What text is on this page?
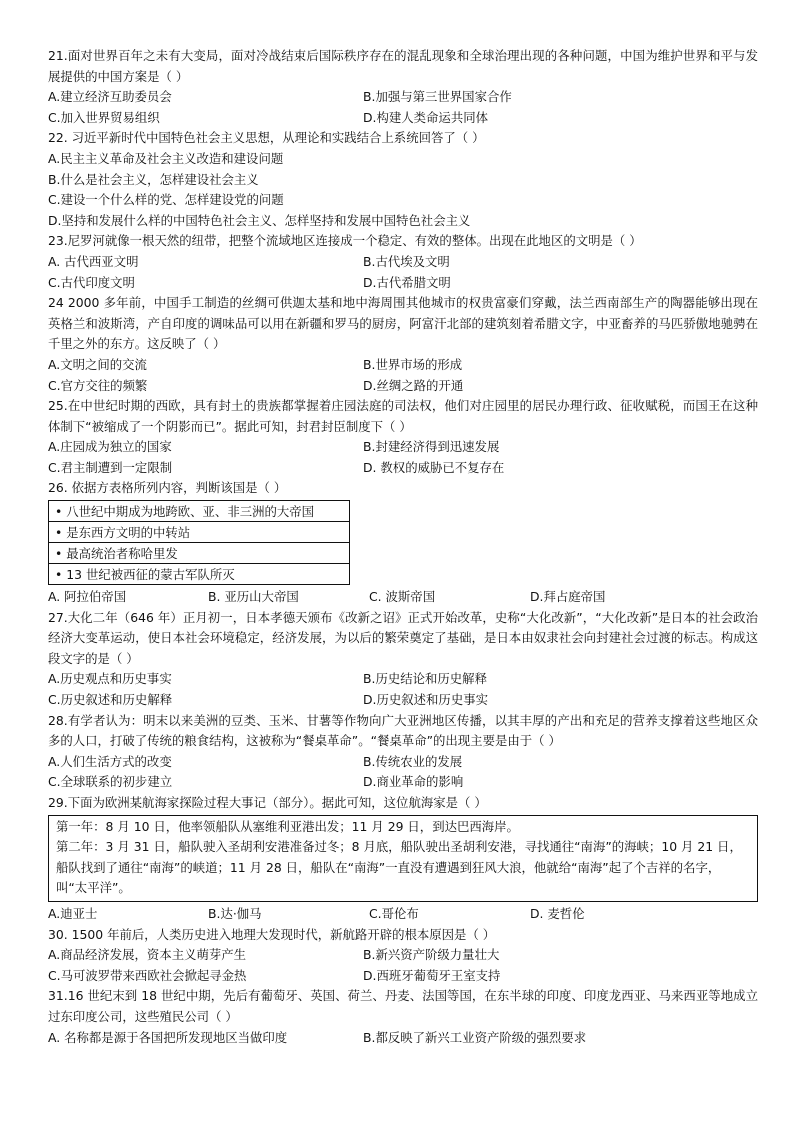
21.面对世界百年之未有大变局，面对冷战结束后国际秩序存在的混乱现象和全球治理出现的各种问题，中国为维护世界和平与发展提供的中国方案是（ ）

A.建立经济互助委员会	B.加强与第三世界国家合作
C.加入世界贸易组织	D.构建人类命运共同体

22. 习近平新时代中国特色社会主义思想，从理论和实践结合上系统回答了（ ）

A.民主主义革命及社会主义改造和建设问题
B.什么是社会主义，怎样建设社会主义
C.建设一个什么样的党、怎样建设党的问题
D.坚持和发展什么样的中国特色社会主义、怎样坚持和发展中国特色社会主义

23.尼罗河就像一根天然的纽带，把整个流域地区连接成一个稳定、有效的整体。出现在此地区的文明是（ ）

A. 古代西亚文明	B.古代埃及文明
C.古代印度文明	D.古代希腊文明

24 2000 多年前，中国手工制造的丝绸可供迦太基和地中海周围其他城市的权贵富豪们穿戴，法兰西南部生产的陶器能够出现在英格兰和波斯湾，产自印度的调味品可以用在新疆和罗马的厨房，阿富汗北部的建筑刻着希腊文字，中亚畜养的马匹骄傲地驰骋在千里之外的东方。这反映了（ ）

A.文明之间的交流	B.世界市场的形成
C.官方交往的频繁	D.丝绸之路的开通

25.在中世纪时期的西欧，具有封土的贵族都掌握着庄园法庭的司法权，他们对庄园里的居民办理行政、征收赋税，而国王在这种体制下“被缩成了一个阴影而已”。据此可知，封君封臣制度下（ ）

A.庄园成为独立的国家	B.封建经济得到迅速发展
C.君主制遭到一定限制	D. 教权的威胁已不复存在

26. 依据方表格所列内容，判断该国是（ ）

• 八世纪中期成为地跨欧、亚、非三洲的大帝国
• 是东西方文明的中转站
• 最高统治者称哈里发
• 13 世纪被西征的蒙古军队所灭
A. 阿拉伯帝国	B. 亚历山大帝国	C. 波斯帝国	D.拜占庭帝国

27.大化二年（646 年）正月初一，日本孝德天颁布《改新之诏》正式开始改革，史称“大化改新”，“大化改新”是日本的社会政治经济大变革运动，使日本社会环境稳定，经济发展，为以后的繁荣奠定了基础，是日本由奴隶社会向封建社会过渡的标志。构成这段文字的是（ ）

A.历史观点和历史事实	B.历史结论和历史解释
C.历史叙述和历史解释	D.历史叙述和历史事实

28.有学者认为：明末以来美洲的豆类、玉米、甘薯等作物向广大亚洲地区传播，以其丰厚的产出和充足的营养支撑着这些地区众多的人口，打破了传统的粮食结构，这被称为“餐桌革命”。“餐桌革命”的出现主要是由于（ ）

A.人们生活方式的改变	B.传统农业的发展
C.全球联系的初步建立	D.商业革命的影响

29.下面为欧洲某航海家探险过程大事记（部分）。据此可知，这位航海家是（ ）

第一年：8 月 10 日，他率领船队从塞维利亚港出发；11 月 29 日，到达巴西海岸。

第二年：3 月 31 日，船队驶入圣胡利安港准备过冬；8 月底，船队驶出圣胡利安港，寻找通往“南海”的海峡；10 月 21 日，船队找到了通往“南海”的峡道；11 月 28 日，船队在“南海”一直没有遭遇到狂风大浪，他就给“南海”起了个吉祥的名字，叫“太平洋”。

A.迪亚士	B.达·伽马	C.哥伦布	D. 麦哲伦

30. 1500 年前后，人类历史进入地理大发现时代，新航路开辟的根本原因是（ ）

A.商品经济发展，资本主义萌芽产生	B.新兴资产阶级力量壮大
C.马可波罗带来西欧社会掀起寻金热	D.西班牙葡萄牙王室支持

31.16 世纪末到 18 世纪中期，先后有葡萄牙、英国、荷兰、丹麦、法国等国，在东半球的印度、印度龙西亚、马来西亚等地成立过东印度公司，这些殖民公司（ ）

A. 名称都是源于各国把所发现地区当做印度	B.都反映了新兴工业资产阶级的强烈要求
